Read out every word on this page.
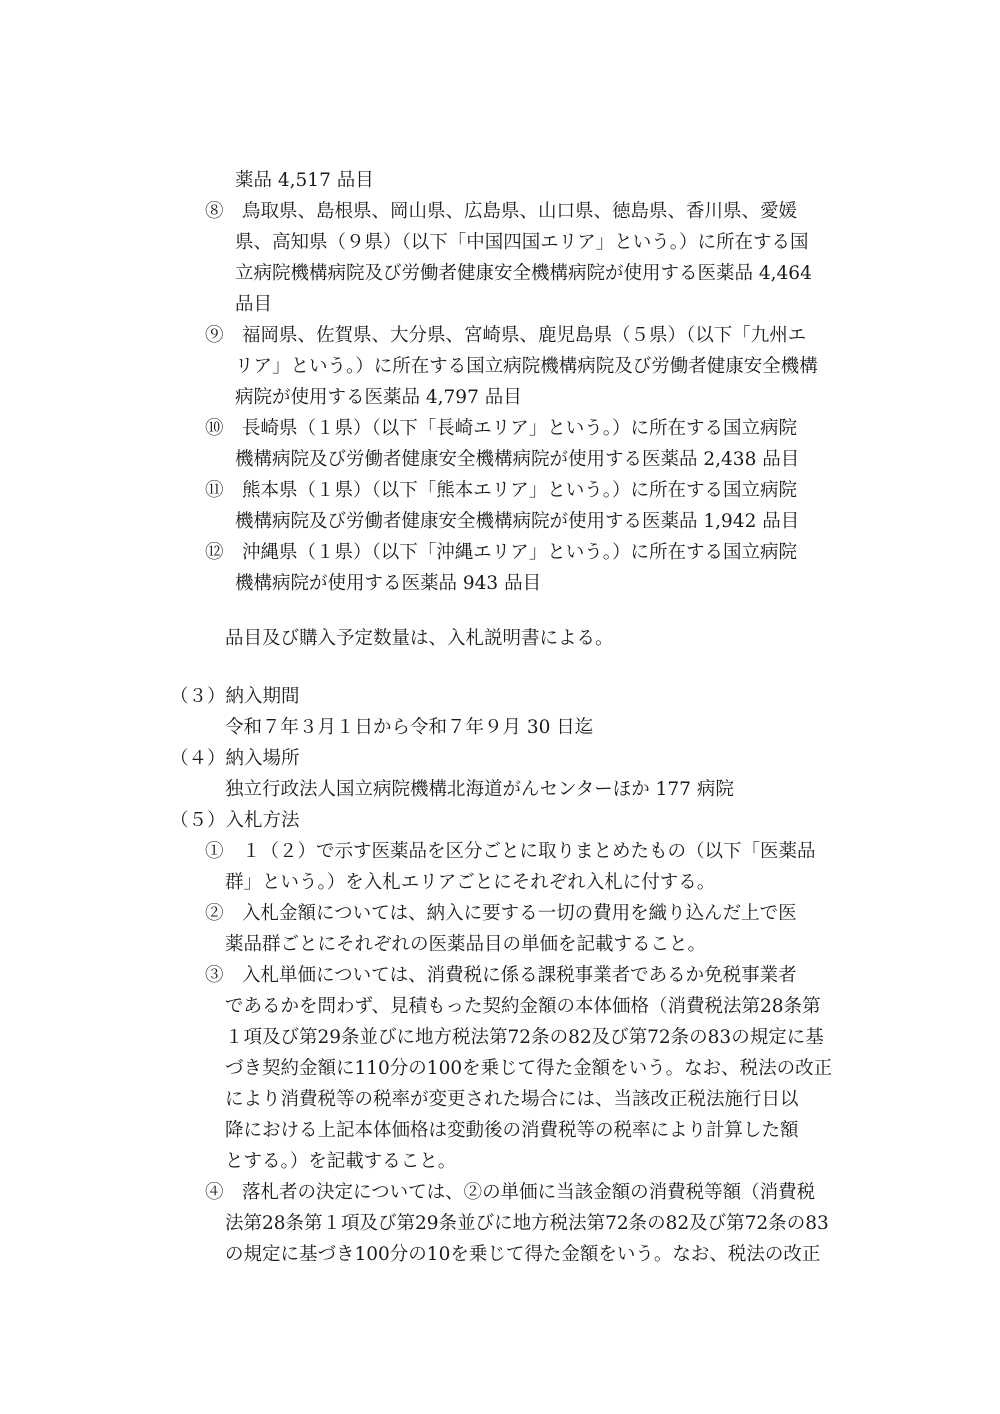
薬品 4,517 品目
⑧　鳥取県、島根県、岡山県、広島県、山口県、徳島県、香川県、愛媛
県、高知県（９県）（以下「中国四国エリア」という。）に所在する国
立病院機構病院及び労働者健康安全機構病院が使用する医薬品 4,464
品目
⑨　福岡県、佐賀県、大分県、宮崎県、鹿児島県（５県）（以下「九州エ
リア」という。）に所在する国立病院機構病院及び労働者健康安全機構
病院が使用する医薬品 4,797 品目
⑩　長崎県（１県）（以下「長崎エリア」という。）に所在する国立病院
機構病院及び労働者健康安全機構病院が使用する医薬品 2,438 品目
⑪　熊本県（１県）（以下「熊本エリア」という。）に所在する国立病院
機構病院及び労働者健康安全機構病院が使用する医薬品 1,942 品目
⑫　沖縄県（１県）（以下「沖縄エリア」という。）に所在する国立病院
機構病院が使用する医薬品 943 品目
品目及び購入予定数量は、入札説明書による。
（３）納入期間
令和７年３月１日から令和７年９月 30 日迄
（４）納入場所
独立行政法人国立病院機構北海道がんセンターほか 177 病院
（５）入札方法
①　１（２）で示す医薬品を区分ごとに取りまとめたもの（以下「医薬品
群」という。）を入札エリアごとにそれぞれ入札に付する。
②　入札金額については、納入に要する一切の費用を織り込んだ上で医
薬品群ごとにそれぞれの医薬品目の単価を記載すること。
③　入札単価については、消費税に係る課税事業者であるか免税事業者
であるかを問わず、見積もった契約金額の本体価格（消費税法第28条第
１項及び第29条並びに地方税法第72条の82及び第72条の83の規定に基
づき契約金額に110分の100を乗じて得た金額をいう。なお、税法の改正
により消費税等の税率が変更された場合には、当該改正税法施行日以
降における上記本体価格は変動後の消費税等の税率により計算した額
とする。）を記載すること。
④　落札者の決定については、②の単価に当該金額の消費税等額（消費税
法第28条第１項及び第29条並びに地方税法第72条の82及び第72条の83
の規定に基づき100分の10を乗じて得た金額をいう。なお、税法の改正
